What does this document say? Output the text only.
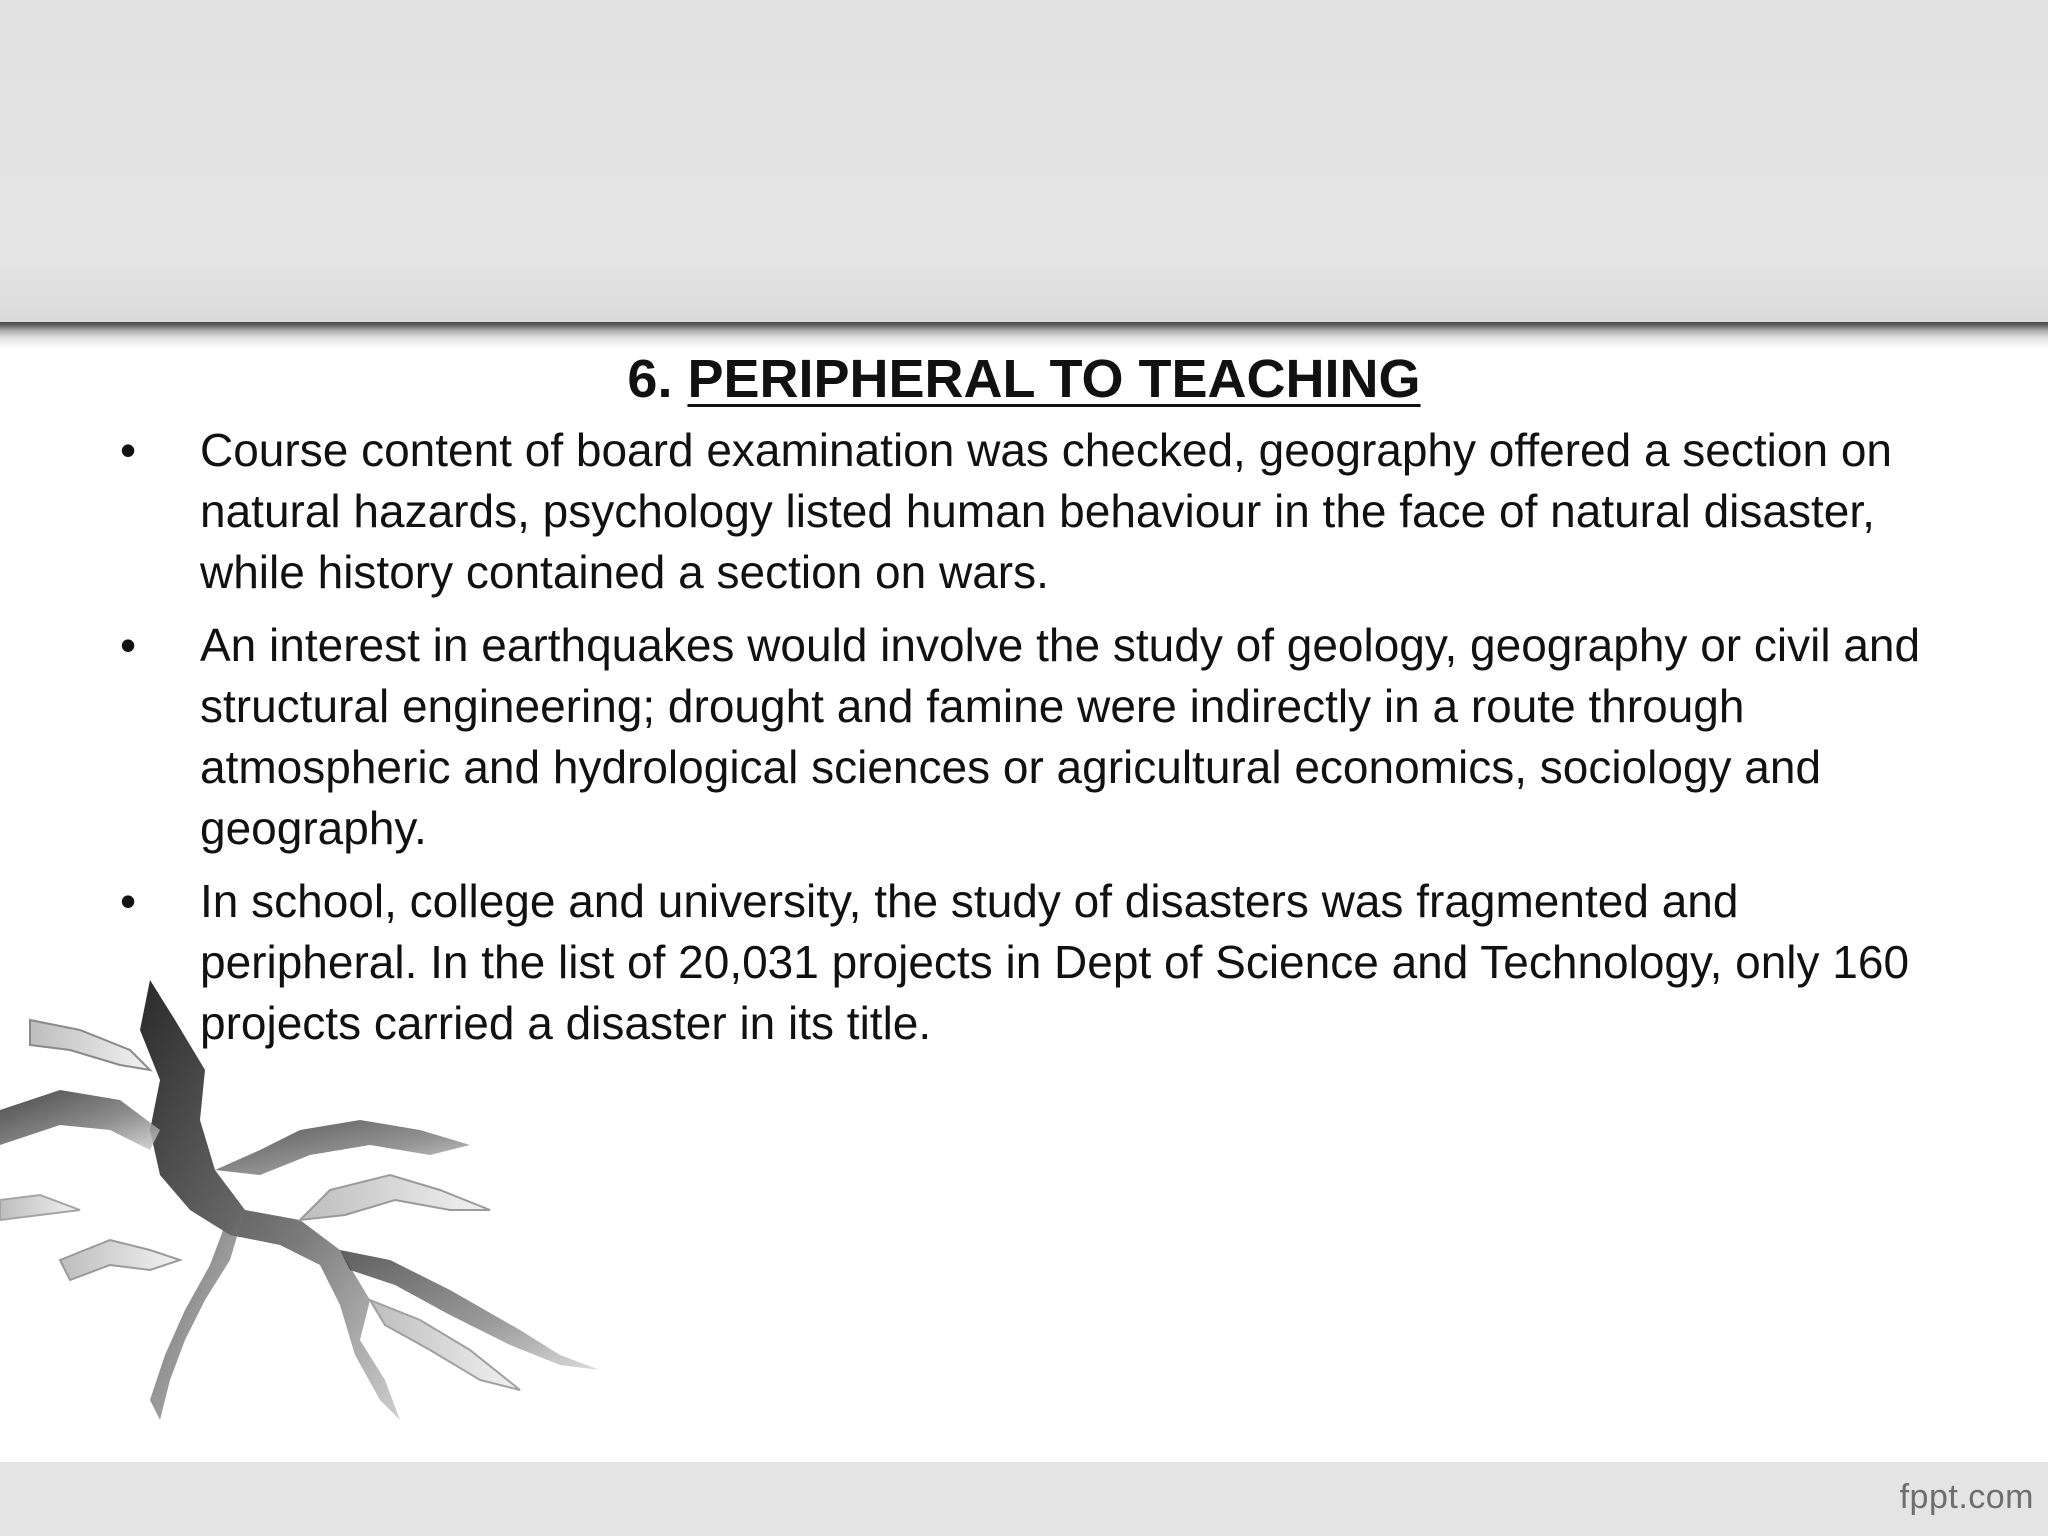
6. PERIPHERAL TO TEACHING
• Course content of board examination was checked, geography offered a section on natural hazards, psychology listed human behaviour in the face of natural disaster, while history contained a section on wars.
• An interest in earthquakes would involve the study of geology, geography or civil and structural engineering; drought and famine were indirectly in a route through atmospheric and hydrological sciences or agricultural economics, sociology and geography.
• In school, college and university, the study of disasters was fragmented and peripheral. In the list of 20,031 projects in Dept of Science and Technology, only 160 projects carried a disaster in its title.
fppt.com
